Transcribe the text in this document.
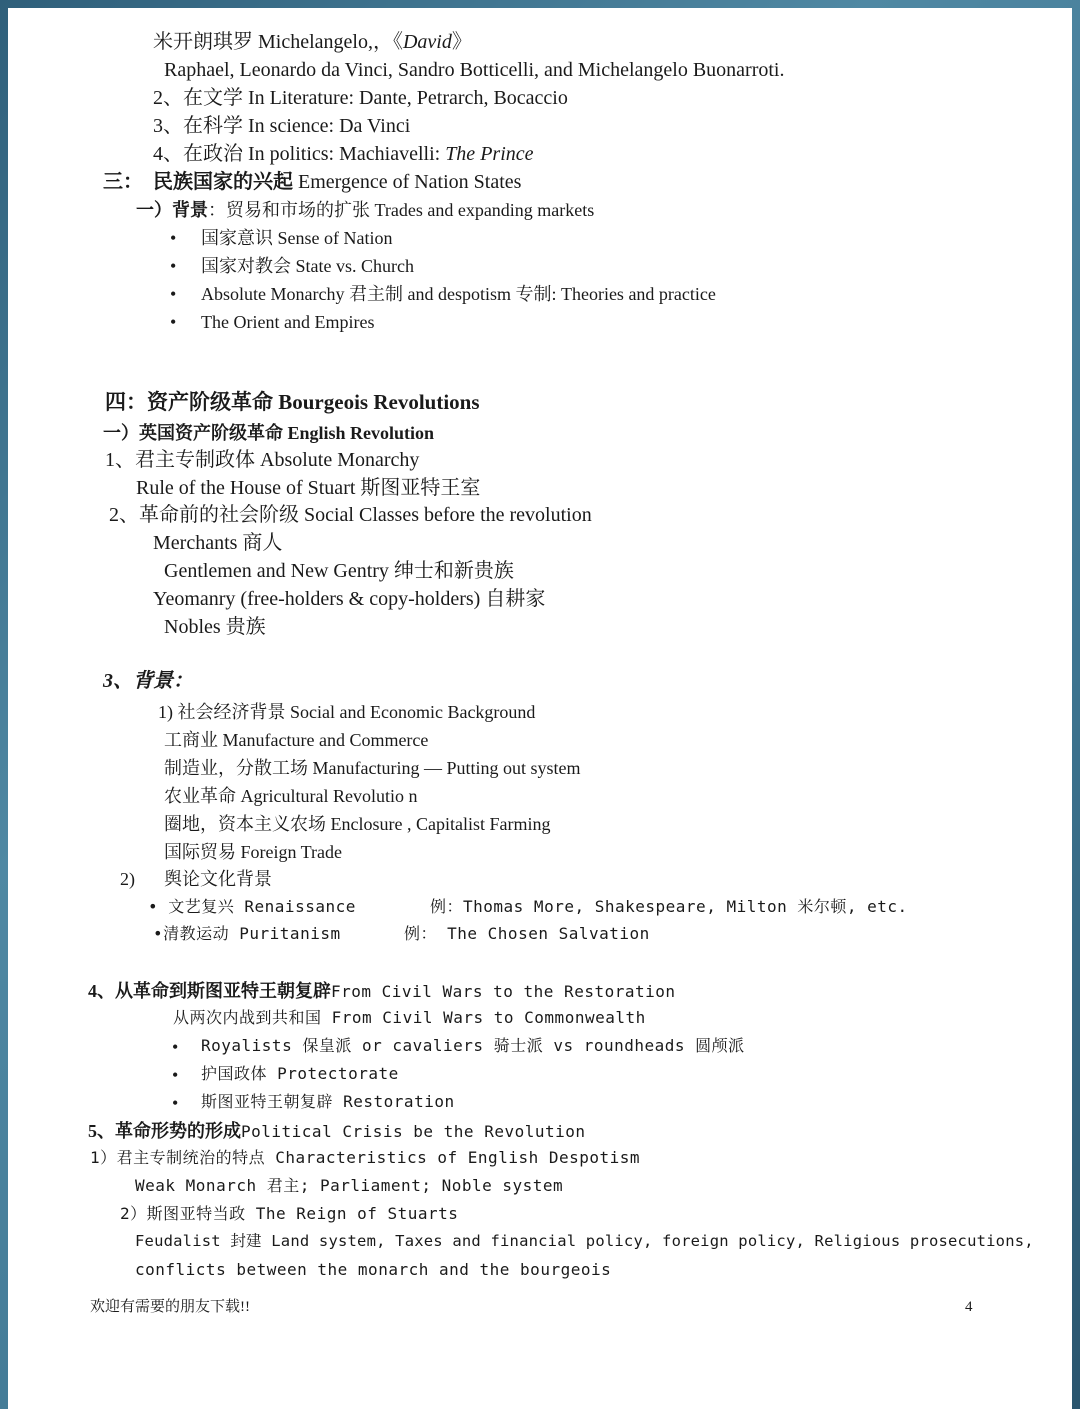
米开朗琪罗 Michelangelo,，《David》
Raphael, Leonardo da Vinci, Sandro Botticelli, and Michelangelo Buonarroti.
2、在文学 In Literature: Dante, Petrarch, Bocaccio
3、在科学 In science: Da Vinci
4、在政治 In politics: Machiavelli: The Prince
三： 民族国家的兴起 Emergence of Nation States
一）背景：贸易和市场的扩张 Trades and expanding markets
• 国家意识 Sense of Nation
• 国家对教会 State vs. Church
• Absolute Monarchy 君主制 and despotism 专制: Theories and practice
• The Orient and Empires
四：资产阶级革命 Bourgeois Revolutions
一）英国资产阶级革命 English Revolution
1、君主专制政体 Absolute Monarchy
Rule of the House of Stuart 斯图亚特王室
2、革命前的社会阶级 Social Classes before the revolution
Merchants 商人
Gentlemen and New Gentry 绅士和新贵族
Yeomanry (free-holders & copy-holders) 自耕家
Nobles 贵族
3、背景：
1) 社会经济背景 Social and Economic Background
工商业 Manufacture and Commerce
制造业，分散工场 Manufacturing — Putting out system
农业革命 Agricultural Revolutio n
圈地，资本主义农场 Enclosure , Capitalist Farming
国际贸易 Foreign Trade
2) 舆论文化背景
• 文艺复兴 Renaissance	例：Thomas More, Shakespeare, Milton 米尔顿, etc.
•清教运动 Puritanism	例： The Chosen Salvation
4、从革命到斯图亚特王朝复辟From Civil Wars to the Restoration
从两次内战到共和国 From Civil Wars to Commonwealth
• Royalists 保皇派 or cavaliers 骑士派 vs roundheads 圆颅派
• 护国政体 Protectorate
• 斯图亚特王朝复辟 Restoration
5、革命形势的形成Political Crisis be the Revolution
1）君主专制统治的特点 Characteristics of English Despotism
Weak Monarch 君主; Parliament; Noble system
2）斯图亚特当政 The Reign of Stuarts
Feudalist 封建 Land system, Taxes and financial policy, foreign policy, Religious prosecutions,
conflicts between the monarch and the bourgeois
欢迎有需要的朋友下载!!	4
